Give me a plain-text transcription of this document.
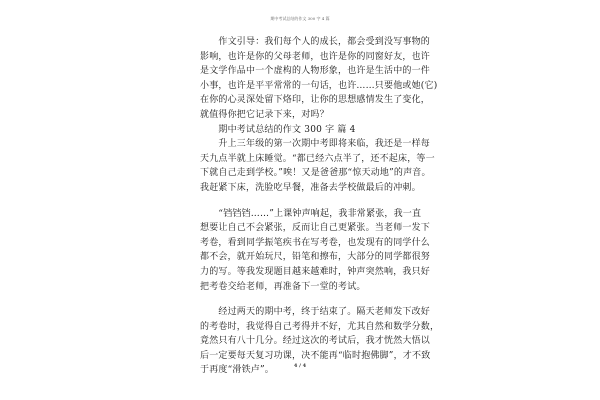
期中考试总结的作文 300 字 4 篇
　　作文引导：我们每个人的成长，都会受到没写事物的
影响，也许是你的父母老师，也许是你的同窗好友，也许
是文学作品中一个虚构的人物形象，也许是生活中的一件
小事，也许是平平常常的一句话，也许……只要他或她(它)
在你的心灵深处留下烙印，让你的思想感情发生了变化，
就值得你把它记录下来，对吗？
　　期中考试总结的作文 300 字 篇 4
　　升上三年级的第一次期中考即将来临，我还是一样每
天九点半就上床睡觉。“都已经六点半了，还不起床，等一
下就自己走到学校。”唉！又是爸爸那“惊天动地”的声音。
我赶紧下床，洗脸吃早餐，准备去学校做最后的冲刺。
　　“铛铛铛……”上课钟声响起，我非常紧张，我一直
想要让自己不会紧张，反而让自己更紧张。当老师一发下
考卷，看到同学振笔疾书在写考卷，也发现有的同学什么
都不会，就开始玩尺，铅笔和擦布，大部分的同学都很努
力的写。等我发现题目越来越难时，钟声突然响，我只好
把考卷交给老师，再准备下一堂的考试。
　　经过两天的期中考，终于结束了。隔天老师发下改好
的考卷时，我觉得自己考得并不好，尤其自然和数学分数，
竟然只有八十几分。经过这次的考试后，我才恍然大悟以
后一定要每天复习功课，决不能再“临时抱佛脚”，才不致
于再度“滑铁卢”。	4 / 4
